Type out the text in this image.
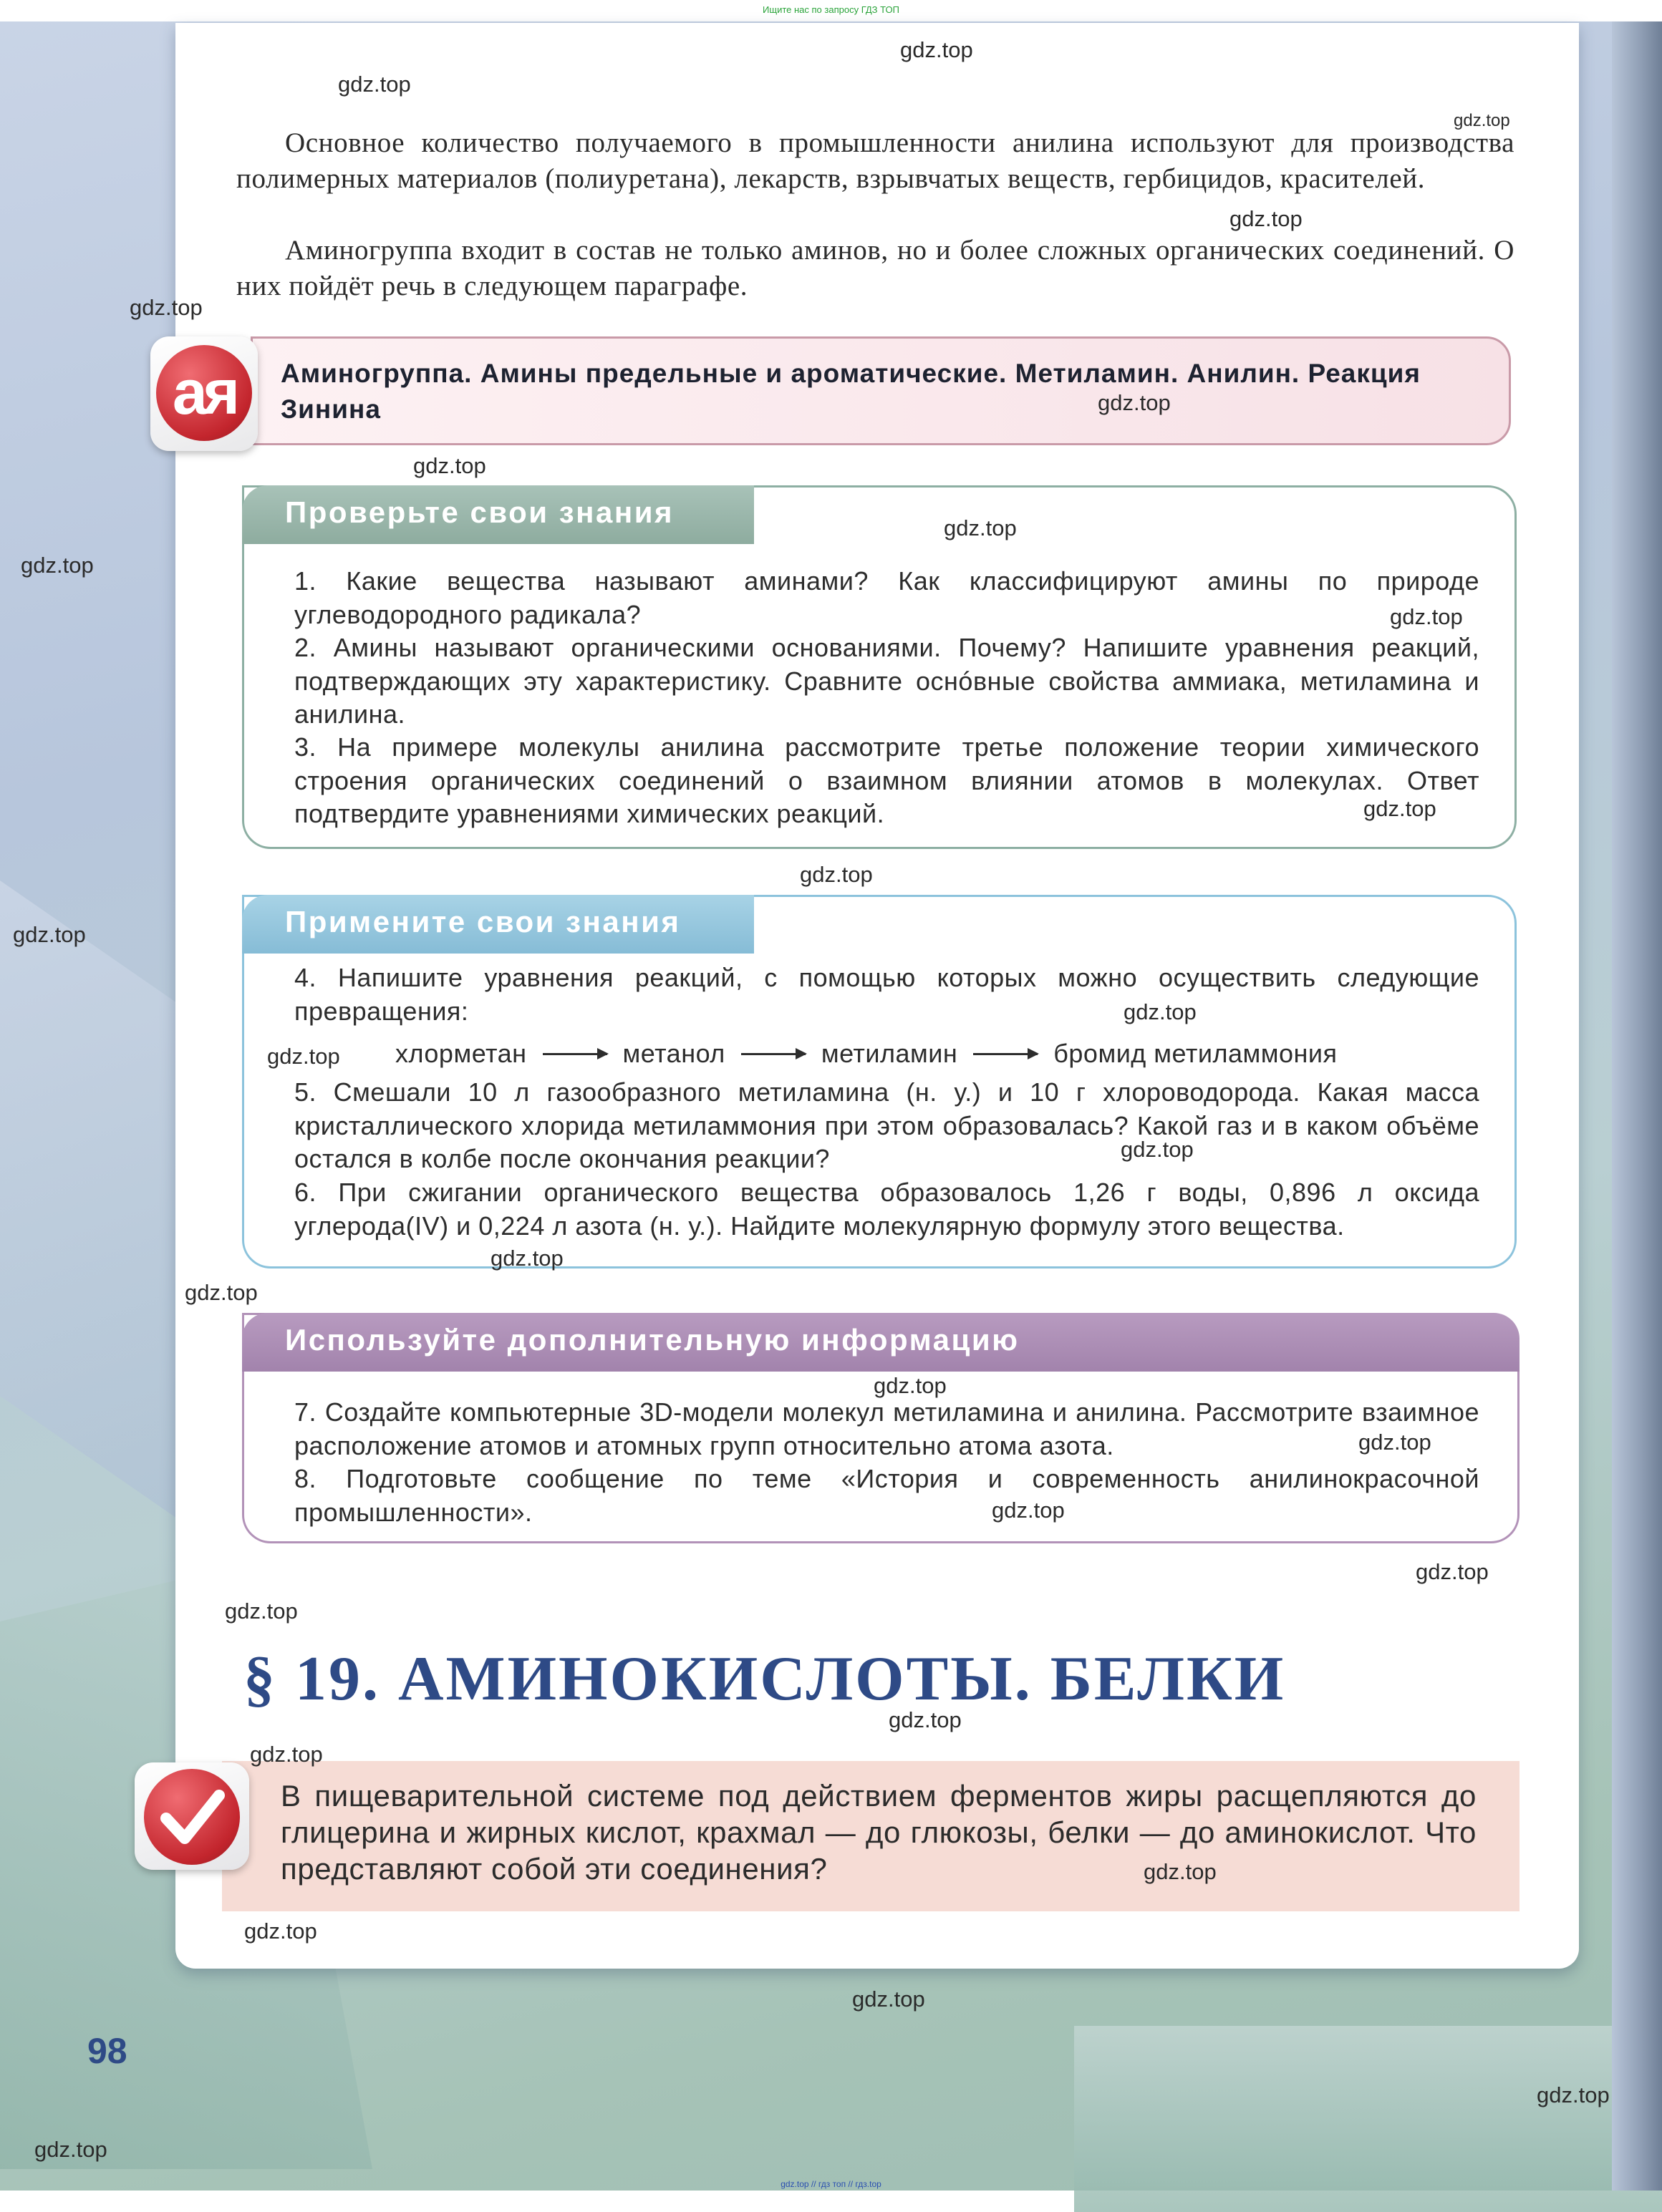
Ищите нас по запросу ГДЗ ТОП

Основное количество получаемого в промышленности анилина используют для производства полимерных материалов (полиуретана), лекарств, взрывчатых веществ, гербицидов, красителей.

Аминогруппа входит в состав не только аминов, но и более сложных органических соединений. О них пойдёт речь в следующем параграфе.

ая	Аминогруппа. Амины предельные и ароматические. Метиламин. Анилин. Реакция Зинина
Проверьте свои знания
1. Какие вещества называют аминами? Как классифицируют амины по природе углеводородного радикала?
2. Амины называют органическими основаниями. Почему? Напишите уравнения реакций, подтверждающих эту характеристику. Сравните оснóвные свойства аммиака, метиламина и анилина.
3. На примере молекулы анилина рассмотрите третье положение теории химического строения органических соединений о взаимном влиянии атомов в молекулах. Ответ подтвердите уравнениями химических реакций.
Примените свои знания
4. Напишите уравнения реакций, с помощью которых можно осуществить следующие превращения:
5. Смешали 10 л газообразного метиламина (н. у.) и 10 г хлороводорода. Какая масса кристаллического хлорида метиламмония при этом образовалась? Какой газ и в каком объёме остался в колбе после окончания реакции?
6. При сжигании органического вещества образовалось 1,26 г воды, 0,896 л оксида углерода(IV) и 0,224 л азота (н. у.). Найдите молекулярную формулу этого вещества.
хлорметан	метанол	метиламин	бромид метиламмония
Используйте дополнительную информацию
7. Создайте компьютерные 3D-модели молекул метиламина и анилина. Рассмотрите взаимное расположение атомов и атомных групп относительно атома азота.
8. Подготовьте сообщение по теме «История и современность анилинокрасочной промышленности».
§ 19. АМИНОКИСЛОТЫ. БЕЛКИ
В пищеварительной системе под действием ферментов жиры расщепляются до глицерина и жирных кислот, крахмал — до глюкозы, белки — до аминокислот. Что представляют собой эти соединения?
98
gdz.top // гдз топ // гдз.top
gdz.top
gdz.top
gdz.top
gdz.top
gdz.top
gdz.top
gdz.top
gdz.top
gdz.top
gdz.top
gdz.top
gdz.top
gdz.top
gdz.top
gdz.top
gdz.top
gdz.top
gdz.top
gdz.top
gdz.top
gdz.top
gdz.top
gdz.top
gdz.top
gdz.top
gdz.top
gdz.top
gdz.top
gdz.top
gdz.top
